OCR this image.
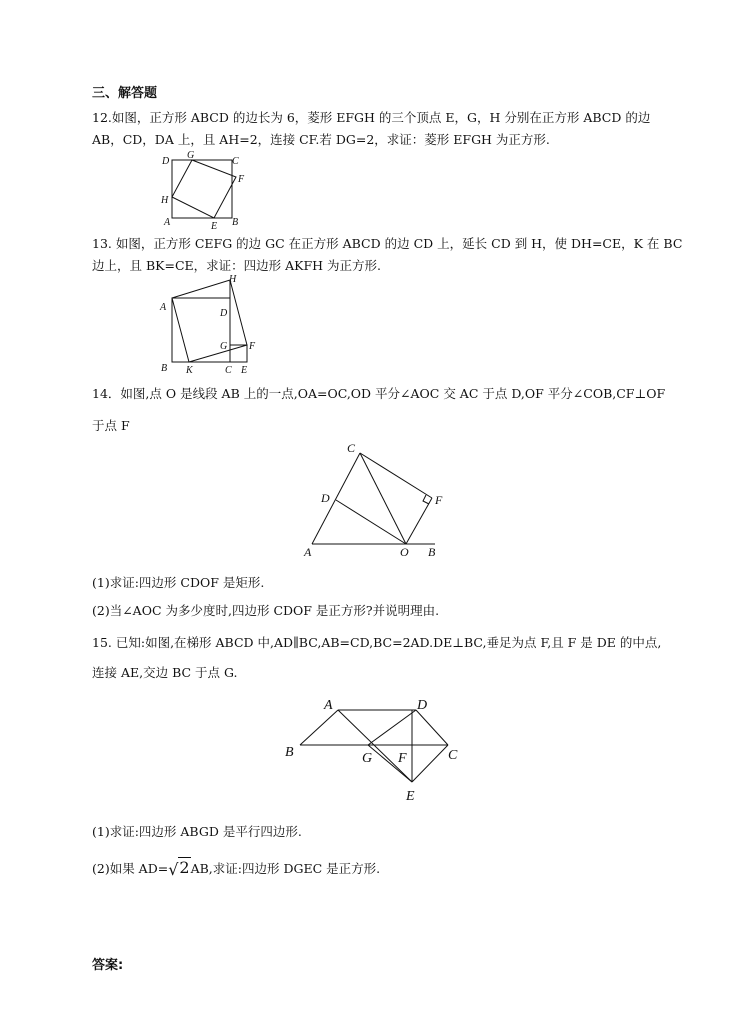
三、解答题
12.如图，正方形 ABCD 的边长为 6，菱形 EFGH 的三个顶点 E，G，H 分别在正方形 ABCD 的边
AB，CD，DA 上，且 AH=2，连接 CF.若 DG=2，求证：菱形 EFGH 为正方形.
G
D	C
F
H
A	E B
13. 如图，正方形 CEFG 的边 GC 在正方形 ABCD 的边 CD 上，延长 CD 到 H，使 DH=CE，K 在 BC
边上，且 BK=CE，求证：四边形 AKFH 为正方形.
H
A
D
G F
B K	C E
14．如图,点 O 是线段 AB 上的一点,OA=OC,OD 平分∠AOC 交 AC 于点 D,OF 平分∠COB,CF⊥OF
于点 F
C
D	F
A	O B
(1)求证:四边形 CDOF 是矩形.
(2)当∠AOC 为多少度时,四边形 CDOF 是正方形?并说明理由.
15. 已知:如图,在梯形 ABCD 中,AD∥BC,AB=CD,BC=2AD.DE⊥BC,垂足为点 F,且 F 是 DE 的中点,
连接 AE,交边 BC 于点 G.
A	D
B	G F	C
E
(1)求证:四边形 ABGD 是平行四边形.
(2)如果 AD=√2AB,求证:四边形 DGEC 是正方形.
答案:
